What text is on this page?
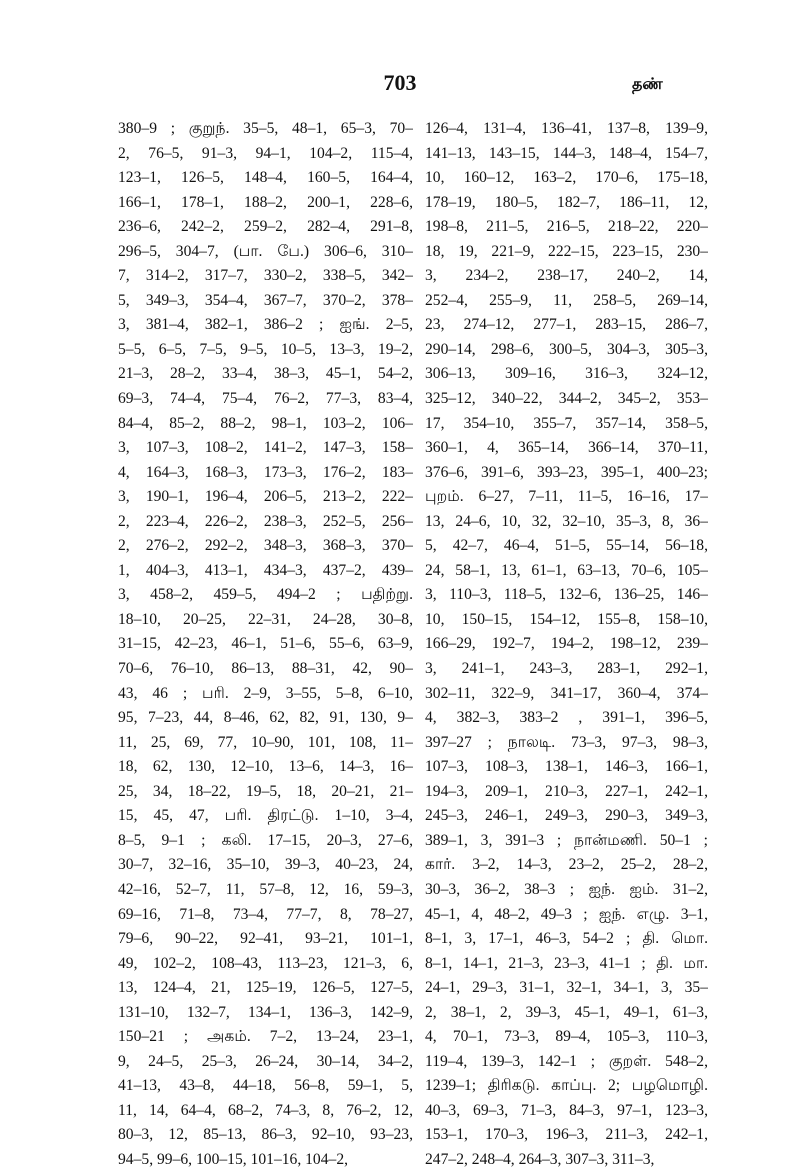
703	தண்
380–9 ; குறுந். 35–5, 48–1, 65–3, 70–
2, 76–5, 91–3, 94–1, 104–2, 115–4,
123–1, 126–5, 148–4, 160–5, 164–4,
166–1, 178–1, 188–2, 200–1, 228–6,
236–6, 242–2, 259–2, 282–4, 291–8,
296–5, 304–7, (பா. பே.) 306–6, 310–
7, 314–2, 317–7, 330–2, 338–5, 342–
5, 349–3, 354–4, 367–7, 370–2, 378–
3, 381–4, 382–1, 386–2 ; ஐங். 2–5,
5–5, 6–5, 7–5, 9–5, 10–5, 13–3, 19–2,
21–3, 28–2, 33–4, 38–3, 45–1, 54–2,
69–3, 74–4, 75–4, 76–2, 77–3, 83–4,
84–4, 85–2, 88–2, 98–1, 103–2, 106–
3, 107–3, 108–2, 141–2, 147–3, 158–
4, 164–3, 168–3, 173–3, 176–2, 183–
3, 190–1, 196–4, 206–5, 213–2, 222–
2, 223–4, 226–2, 238–3, 252–5, 256–
2, 276–2, 292–2, 348–3, 368–3, 370–
1, 404–3, 413–1, 434–3, 437–2, 439–
3, 458–2, 459–5, 494–2 ; பதிற்று.
18–10, 20–25, 22–31, 24–28, 30–8,
31–15, 42–23, 46–1, 51–6, 55–6, 63–9,
70–6, 76–10, 86–13, 88–31, 42, 90–
43, 46 ; பரி. 2–9, 3–55, 5–8, 6–10,
95, 7–23, 44, 8–46, 62, 82, 91, 130, 9–
11, 25, 69, 77, 10–90, 101, 108, 11–
18, 62, 130, 12–10, 13–6, 14–3, 16–
25, 34, 18–22, 19–5, 18, 20–21, 21–
15, 45, 47, பரி. திரட்டு. 1–10, 3–4,
8–5, 9–1 ; கலி. 17–15, 20–3, 27–6,
30–7, 32–16, 35–10, 39–3, 40–23, 24,
42–16, 52–7, 11, 57–8, 12, 16, 59–3,
69–16, 71–8, 73–4, 77–7, 8, 78–27,
79–6, 90–22, 92–41, 93–21, 101–1,
49, 102–2, 108–43, 113–23, 121–3, 6,
13, 124–4, 21, 125–19, 126–5, 127–5,
131–10, 132–7, 134–1, 136–3, 142–9,
150–21 ; அகம். 7–2, 13–24, 23–1,
9, 24–5, 25–3, 26–24, 30–14, 34–2,
41–13, 43–8, 44–18, 56–8, 59–1, 5,
11, 14, 64–4, 68–2, 74–3, 8, 76–2, 12,
80–3, 12, 85–13, 86–3, 92–10, 93–23,
94–5, 99–6, 100–15, 101–16, 104–2,
126–4, 131–4, 136–41, 137–8, 139–9,
141–13, 143–15, 144–3, 148–4, 154–7,
10, 160–12, 163–2, 170–6, 175–18,
178–19, 180–5, 182–7, 186–11, 12,
198–8, 211–5, 216–5, 218–22, 220–
18, 19, 221–9, 222–15, 223–15, 230–
3, 234–2, 238–17, 240–2, 14,
252–4, 255–9, 11, 258–5, 269–14,
23, 274–12, 277–1, 283–15, 286–7,
290–14, 298–6, 300–5, 304–3, 305–3,
306–13, 309–16, 316–3, 324–12,
325–12, 340–22, 344–2, 345–2, 353–
17, 354–10, 355–7, 357–14, 358–5,
360–1, 4, 365–14, 366–14, 370–11,
376–6, 391–6, 393–23, 395–1, 400–23;
புறம். 6–27, 7–11, 11–5, 16–16, 17–
13, 24–6, 10, 32, 32–10, 35–3, 8, 36–
5, 42–7, 46–4, 51–5, 55–14, 56–18,
24, 58–1, 13, 61–1, 63–13, 70–6, 105–
3, 110–3, 118–5, 132–6, 136–25, 146–
10, 150–15, 154–12, 155–8, 158–10,
166–29, 192–7, 194–2, 198–12, 239–
3, 241–1, 243–3, 283–1, 292–1,
302–11, 322–9, 341–17, 360–4, 374–
4, 382–3, 383–2 , 391–1, 396–5,
397–27 ; நாலடி. 73–3, 97–3, 98–3,
107–3, 108–3, 138–1, 146–3, 166–1,
194–3, 209–1, 210–3, 227–1, 242–1,
245–3, 246–1, 249–3, 290–3, 349–3,
389–1, 3, 391–3 ; நான்மணி. 50–1 ;
கார். 3–2, 14–3, 23–2, 25–2, 28–2,
30–3, 36–2, 38–3 ; ஐந். ஐம். 31–2,
45–1, 4, 48–2, 49–3 ; ஐந். எழு. 3–1,
8–1, 3, 17–1, 46–3, 54–2 ; தி. மொ.
8–1, 14–1, 21–3, 23–3, 41–1 ; தி. மா.
24–1, 29–3, 31–1, 32–1, 34–1, 3, 35–
2, 38–1, 2, 39–3, 45–1, 49–1, 61–3,
4, 70–1, 73–3, 89–4, 105–3, 110–3,
119–4, 139–3, 142–1 ; குறள். 548–2,
1239–1; திரிகடு. காப்பு. 2; பழமொழி.
40–3, 69–3, 71–3, 84–3, 97–1, 123–3,
153–1, 170–3, 196–3, 211–3, 242–1,
247–2, 248–4, 264–3, 307–3, 311–3,
